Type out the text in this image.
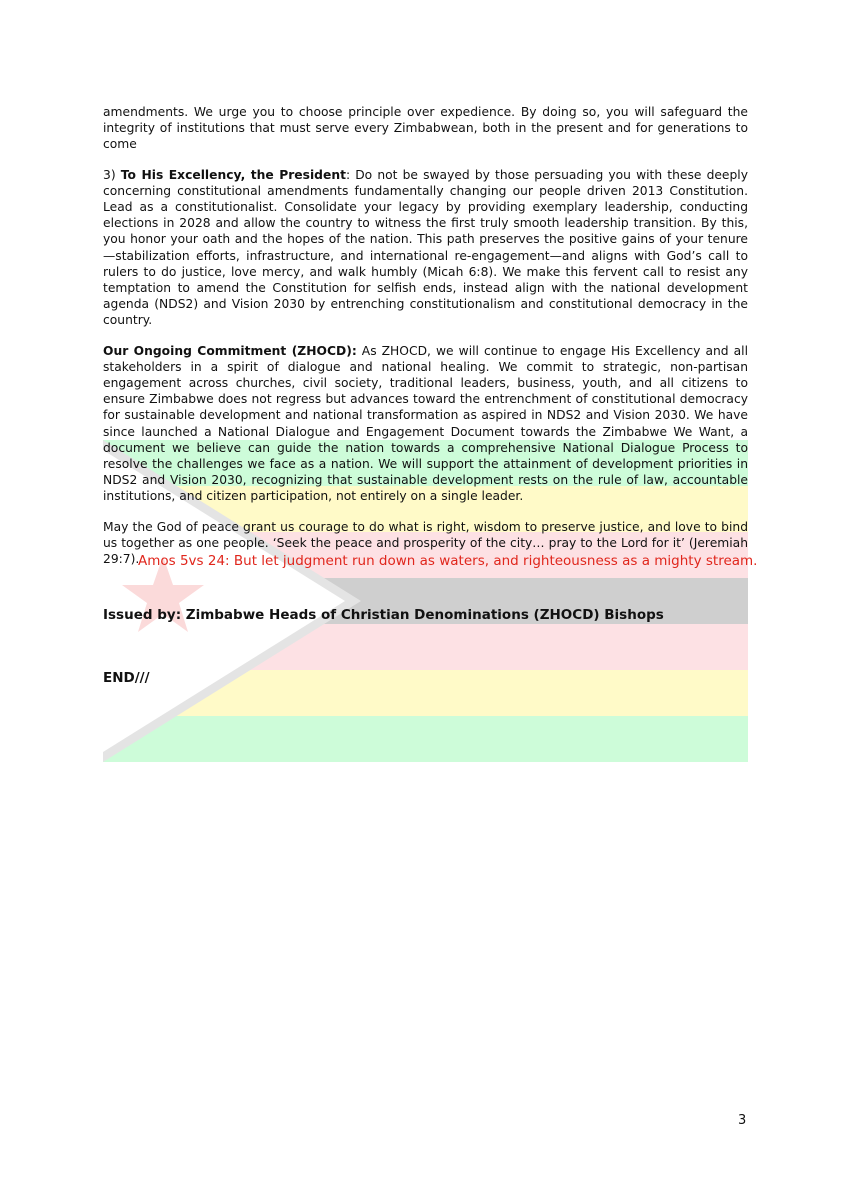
amendments. We urge you to choose principle over expedience. By doing so, you will safeguard the integrity of institutions that must serve every Zimbabwean, both in the present and for generations to come

3) To His Excellency, the President: Do not be swayed by those persuading you with these deeply concerning constitutional amendments fundamentally changing our people driven 2013 Constitution. Lead as a constitutionalist. Consolidate your legacy by providing exemplary leadership, conducting elections in 2028 and allow the country to witness the first truly smooth leadership transition. By this, you honor your oath and the hopes of the nation. This path preserves the positive gains of your tenure—stabilization efforts, infrastructure, and international re-engagement—and aligns with God’s call to rulers to do justice, love mercy, and walk humbly (Micah 6:8). We make this fervent call to resist any temptation to amend the Constitution for selfish ends, instead align with the national development agenda (NDS2) and Vision 2030 by entrenching constitutionalism and constitutional democracy in the country.

Our Ongoing Commitment (ZHOCD): As ZHOCD, we will continue to engage His Excellency and all stakeholders in a spirit of dialogue and national healing. We commit to strategic, non-partisan engagement across churches, civil society, traditional leaders, business, youth, and all citizens to ensure Zimbabwe does not regress but advances toward the entrenchment of constitutional democracy for sustainable development and national transformation as aspired in NDS2 and Vision 2030. We have since launched a National Dialogue and Engagement Document towards the Zimbabwe We Want, a document we believe can guide the nation towards a comprehensive National Dialogue Process to resolve the challenges we face as a nation. We will support the attainment of development priorities in NDS2 and Vision 2030, recognizing that sustainable development rests on the rule of law, accountable institutions, and citizen participation, not entirely on a single leader.

May the God of peace grant us courage to do what is right, wisdom to preserve justice, and love to bind us together as one people. ‘Seek the peace and prosperity of the city… pray to the Lord for it’ (Jeremiah 29:7).

Amos 5vs 24: But let judgment run down as waters, and righteousness as a mighty stream.
Issued by: Zimbabwe Heads of Christian Denominations (ZHOCD) Bishops
END///
3
